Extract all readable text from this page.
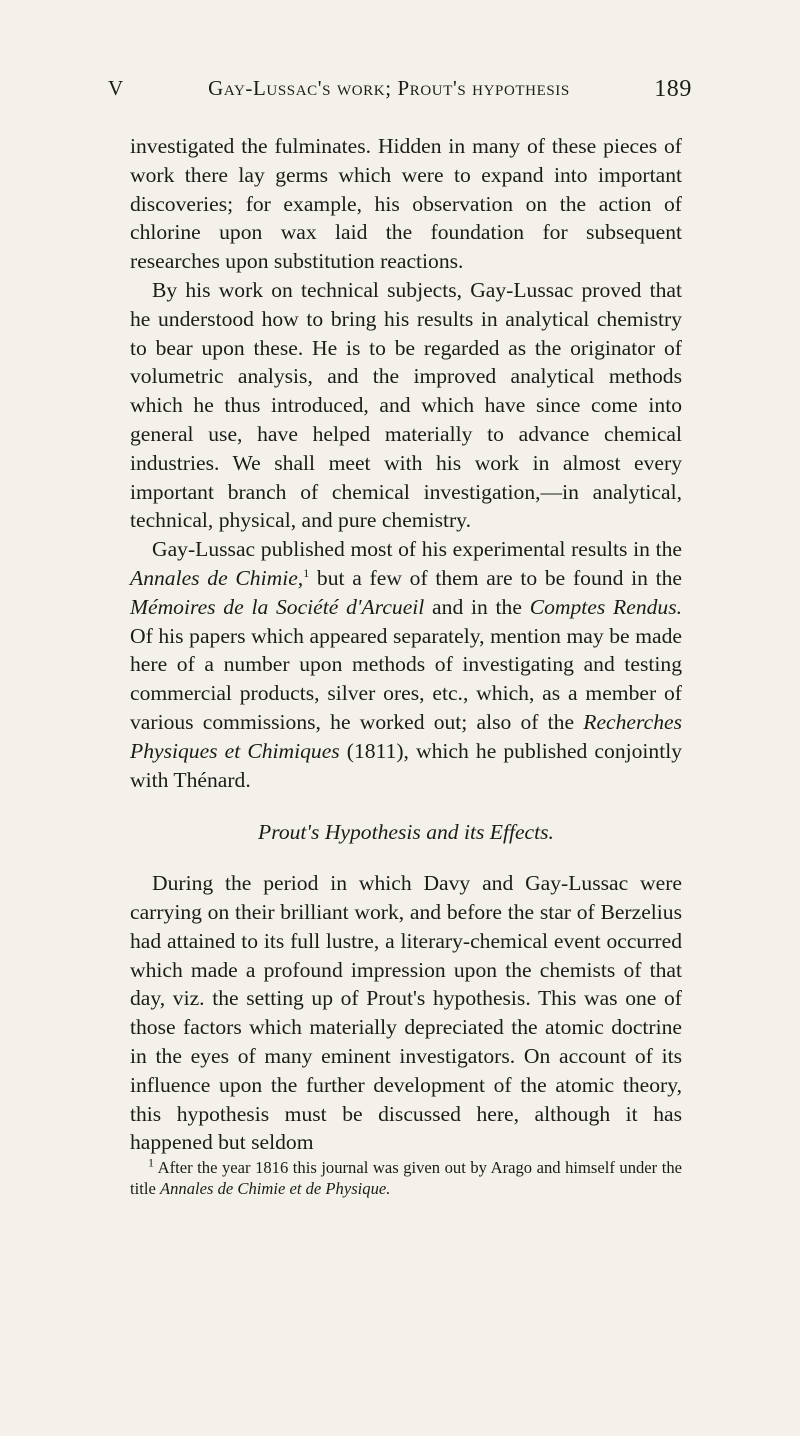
V	Gay-Lussac's work; Prout's hypothesis	189

investigated the fulminates. Hidden in many of these pieces of work there lay germs which were to expand into important discoveries; for example, his observation on the action of chlorine upon wax laid the foundation for subsequent researches upon substitution reactions.

By his work on technical subjects, Gay-Lussac proved that he understood how to bring his results in analytical chemistry to bear upon these. He is to be regarded as the originator of volumetric analysis, and the improved analytical methods which he thus introduced, and which have since come into general use, have helped materially to advance chemical industries. We shall meet with his work in almost every important branch of chemical investigation,—in analytical, technical, physical, and pure chemistry.

Gay-Lussac published most of his experimental results in the Annales de Chimie,$^1$ but a few of them are to be found in the Mémoires de la Société d'Arcueil and in the Comptes Rendus. Of his papers which appeared separately, mention may be made here of a number upon methods of investigating and testing commercial products, silver ores, etc., which, as a member of various commissions, he worked out; also of the Recherches Physiques et Chimiques (1811), which he published conjointly with Thénard.

Prout's Hypothesis and its Effects.

During the period in which Davy and Gay-Lussac were carrying on their brilliant work, and before the star of Berzelius had attained to its full lustre, a literary-chemical event occurred which made a profound impression upon the chemists of that day, viz. the setting up of Prout's hypothesis. This was one of those factors which materially depreciated the atomic doctrine in the eyes of many eminent investigators. On account of its influence upon the further development of the atomic theory, this hypothesis must be discussed here, although it has happened but seldom

$^1$ After the year 1816 this journal was given out by Arago and himself under the title Annales de Chimie et de Physique.
